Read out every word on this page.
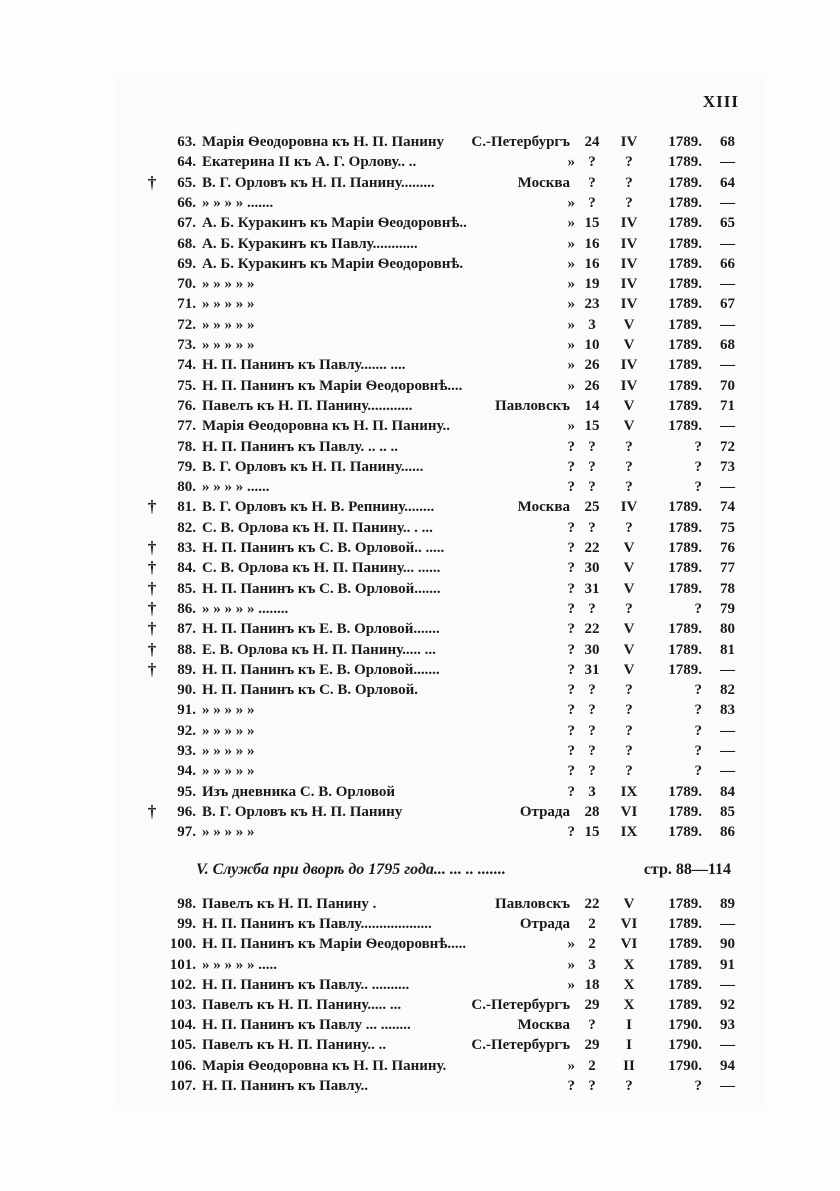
XIII
63. Марія Ѳеодоровна къ Н. П. Панину	С.-Петербургъ 24	IV	1789.	68
64. Екатерина II къ А. Г. Орлову.. ..	» ?	?	1789.	—
†	65. В. Г. Орловъ къ Н. П. Панину.........	Москва	?	?	1789.	64
66. » » » » .......	» ?	?	1789.	—
67. А. Б. Куракинъ къ Маріи Ѳеодоровнѣ..	» 15	IV	1789.	65
68. А. Б. Куракинъ къ Павлу............	» 16	IV	1789.	—
69. А. Б. Куракинъ къ Маріи Ѳеодоровнѣ.	» 16	IV	1789.	66
70. » » » » »	» 19	IV	1789.	—
71. » » » » »	» 23	IV	1789.	67
72. » » » » »	» 3	V	1789.	—
73. » » » » »	» 10	V	1789.	68
74. Н. П. Панинъ къ Павлу....... ....	» 26	IV	1789.	—
75. Н. П. Панинъ къ Маріи Ѳеодоровнѣ....	» 26	IV	1789.	70
76. Павелъ къ Н. П. Панину............	Павловскъ 14	V	1789.	71
77. Марія Ѳеодоровна къ Н. П. Панину..	» 15	V	1789.	—
78. Н. П. Панинъ къ Павлу. .. .. ..	? ?	?	?	72
79. В. Г. Орловъ къ Н. П. Панину......	? ?	?	?	73
80. » » » » ......	? ?	?	?	—
†	81. В. Г. Орловъ къ Н. В. Репнину........	Москва 25	IV	1789.	74
82. С. В. Орлова къ Н. П. Панину.. . ...	? ?	?	1789.	75
†	83. Н. П. Панинъ къ С. В. Орловой.. .....	? 22	V	1789.	76
†	84. С. В. Орлова къ Н. П. Панину... ......	? 30	V	1789.	77
†	85. Н. П. Панинъ къ С. В. Орловой.......	? 31	V	1789.	78
†	86. » » » » » ........	? ?	?	?	79
†	87. Н. П. Панинъ къ Е. В. Орловой.......	? 22	V	1789.	80
†	88. Е. В. Орлова къ Н. П. Панину..... ...	? 30	V	1789.	81
†	89. Н. П. Панинъ къ Е. В. Орловой.......	? 31	V	1789.	—
90. Н. П. Панинъ къ С. В. Орловой.	? ?	?	?	82
91. » » » » »	? ?	?	?	83
92. » » » » »	? ?	?	?	—
93. » » » » »	? ?	?	?	—
94. » » » » »	? ?	?	?	—
95. Изъ дневника С. В. Орловой	? 3	IX	1789.	84
†	96. В. Г. Орловъ къ Н. П. Панину	Отрада 28	VI	1789.	85
97. » » » » »	? 15	IX	1789.	86
V. Служба при дворѣ до 1795 года... ... .. .......	стр. 88—114
98. Павелъ къ Н. П. Панину .	Павловскъ 22	V	1789.	89
99. Н. П. Панинъ къ Павлу...................	Отрада	2	VI	1789.	—
100. Н. П. Панинъ къ Маріи Ѳеодоровнѣ.....	» 2	VI	1789.	90
101. » » » » » .....	» 3	X	1789.	91
102. Н. П. Панинъ къ Павлу.. ..........	» 18	X	1789.	—
103. Павелъ къ Н. П. Панину..... ...	С.-Петербургъ 29	X	1789.	92
104. Н. П. Панинъ къ Павлу ... ........	Москва	?	I	1790.	93
105. Павелъ къ Н. П. Панину.. ..	С.-Петербургъ 29	I	1790.	—
106. Марія Ѳеодоровна къ Н. П. Панину.	» 2	II	1790.	94
107. Н. П. Панинъ къ Павлу..	? ?	?	?	—
